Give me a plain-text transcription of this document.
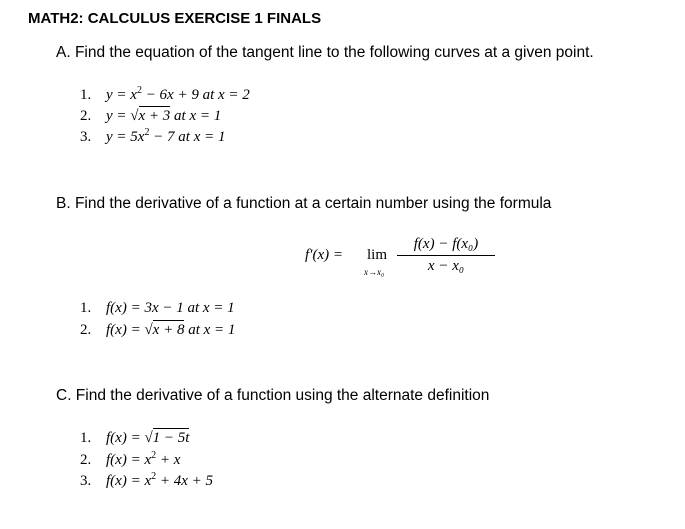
MATH2: CALCULUS EXERCISE 1 FINALS
A. Find the equation of the tangent line to the following curves at a given point.
1. $y = x^2 - 6x + 9$ at x = 2
2. y = √x + 3 at x = 1
3. $y = 5x^2 - 7$ at x = 1
B. Find the derivative of a function at a certain number using the formula
f′(x) = lim
x→x₀
f(x) − f(x₀)
x − x₀
1. f(x) = 3x − 1 at x = 1
2. f(x) = √x + 8 at x = 1
C. Find the derivative of a function using the alternate definition
1. f(x) = √1 − 5t
2. $f(x) = x^2 + x$
3. $f(x) = x^2 + 4x + 5$
